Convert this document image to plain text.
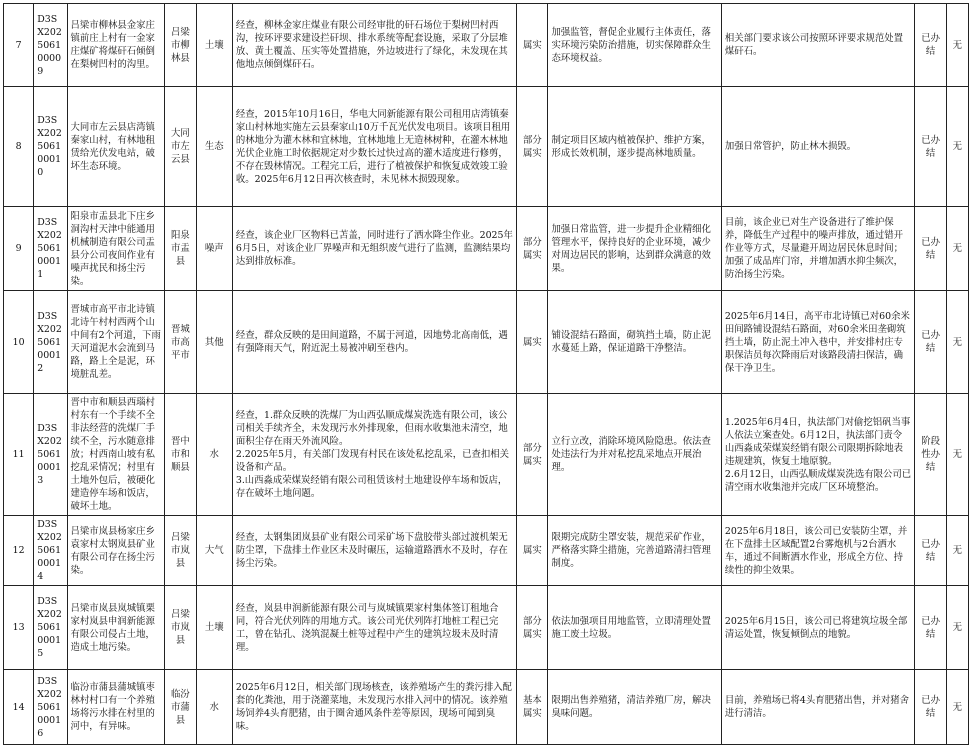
7	D3SX202506100009	吕梁市柳林县金家庄镇前庄上村有一金家庄煤矿将煤矸石倾倒在梨树凹村的沟里。	吕梁市柳林县	土壤	经查，柳林金家庄煤业有限公司经审批的矸石场位于梨树凹村西沟，按环评要求建设拦矸坝、排水系统等配套设施，采取了分层堆放、黄土覆盖、压实等处置措施，外边坡进行了绿化，未发现在其他地点倾倒煤矸石。	属实	加强监管，督促企业履行主体责任，落实环境污染防治措施，切实保障群众生态环境权益。	相关部门要求该公司按照环评要求规范处置煤矸石。	已办结	无
8	D3SX202506100010	大同市左云县店湾镇秦家山村，有林地租赁给光伏发电站，破坏生态环境。	大同市左云县	生态	经查，2015年10月16日，华电大同新能源有限公司租用店湾镇秦家山村林地实施左云县秦家山10万千瓦光伏发电项目。该项目租用的林地分为灌木林和宜林地，宜林地地上无造林树种，在灌木林地光伏企业施工时依据规定对少数长过快过高的灌木适度进行修剪，不存在毁林情况。工程完工后，进行了植被保护和恢复成效竣工验收。2025年6月12日再次核查时，未见林木损毁现象。	部分属实	制定项目区域内植被保护、维护方案，形成长效机制，逐步提高林地质量。	加强日常管护，防止林木损毁。	已办结	无
9	D3SX202506100011	阳泉市盂县北下庄乡洞沟村天津中能通用机械制造有限公司盂县分公司夜间作业有噪声扰民和扬尘污染。	阳泉市盂县	噪声	经查，该企业厂区物料已苫盖，同时进行了洒水降尘作业。2025年6月5日，对该企业厂界噪声和无组织废气进行了监测，监测结果均达到排放标准。	部分属实	加强日常监管，进一步提升企业精细化管理水平，保持良好的企业环境，减少对周边居民的影响，达到群众满意的效果。	目前，该企业已对生产设备进行了维护保养，降低生产过程中的噪声排放，通过错开作业等方式，尽量避开周边居民休息时间；加强了成品库门帘，并增加洒水抑尘频次，防治扬尘污染。	已办结	无
10	D3SX202506100012	晋城市高平市北诗镇北诗午村村西两个山中间有2个河道，下雨天河道泥水会流到马路，路上全是泥，环境脏乱差。	晋城市高平市	其他	经查，群众反映的是田间道路，不属于河道，因地势北高南低，遇有强降雨天气，附近泥土易被冲刷至巷内。	属实	铺设混结石路面，砌筑挡土墙，防止泥水蔓延上路，保证道路干净整洁。	2025年6月14日，高平市北诗镇已对60余米田间路铺设混结石路面，对60余米田垄砌筑挡土墙，防止泥土冲入巷中，并安排村庄专职保洁员每次降雨后对该路段清扫保洁，确保干净卫生。	已办结	无
11	D3SX202506100013	晋中市和顺县西瑙村村东有一个手续不全非法经营的洗煤厂手续不全，污水随意排放；村西南山坡有私挖乱采情况；村里有土地外包后，被硬化建造停车场和饭店，破坏土地。	晋中市和顺县	水	经查，1.群众反映的洗煤厂为山西弘顺成煤炭洗选有限公司，该公司相关手续齐全，未发现污水外排现象，但雨水收集池未清空，地面积尘存在雨天外流风险。
2.2025年5月，有关部门发现有村民在该处私挖乱采，已查扣相关设备和产品。
3.山西淼成荣煤炭经销有限公司租赁该村土地建设停车场和饭店，存在破坏土地问题。	部分属实	立行立改，消除环境风险隐患。依法查处违法行为并对私挖乱采地点开展治理。	1.2025年6月4日，执法部门对偷挖铝矾当事人依法立案查处。6月12日，执法部门责令山西淼成荣煤炭经销有限公司限期拆除地表违规建筑，恢复土地原貌。
2.6月12日，山西弘顺成煤炭洗选有限公司已清空雨水收集池并完成厂区环境整治。	阶段性办结	无
12	D3SX202506100014	吕梁市岚县杨家庄乡袁家村太钢岚县矿业有限公司存在扬尘污染。	吕梁市岚县	大气	经查，太钢集团岚县矿业有限公司采矿场下盘胶带头部过渡机架无防尘罩，下盘排土作业区未及时碾压，运输道路洒水不及时，存在扬尘污染。	属实	限期完成防尘罩安装，规范采矿作业，严格落实降尘措施，完善道路清扫管理制度。	2025年6月18日，该公司已安装防尘罩，并在下盘排土区域配置2台雾炮机与2台洒水车，通过不间断洒水作业，形成全方位、持续性的抑尘效果。	已办结	无
13	D3SX202506100015	吕梁市岚县岚城镇栗家村岚县申润新能源有限公司侵占土地，造成土地污染。	吕梁市岚县	土壤	经查，岚县申润新能源有限公司与岚城镇栗家村集体签订租地合同，符合光伏列阵的用地方式。该公司光伏列阵打地桩工程已完工，曾在钻孔、浇筑混凝土桩等过程中产生的建筑垃圾未及时清理。	部分属实	依法加强项目用地监管，立即清理处置施工废土垃圾。	2025年6月15日，该公司已将建筑垃圾全部清运处置，恢复倾倒点的地貌。	已办结	无
14	D3SX202506100016	临汾市蒲县蒲城镇枣林村村口有一个养殖场将污水排在村里的河中，有异味。	临汾市蒲县	水	2025年6月12日，相关部门现场核查，该养殖场产生的粪污排入配套的化粪池，用于浇灌菜地，未发现污水排入河中的情况。该养殖场饲养4头育肥猪，由于圈舍通风条件差等原因，现场可闻到臭味。	基本属实	限期出售养殖猪，清洁养殖厂房，解决臭味问题。	目前，养殖场已将4头育肥猪出售，并对猪舍进行清洁。	已办结	无
